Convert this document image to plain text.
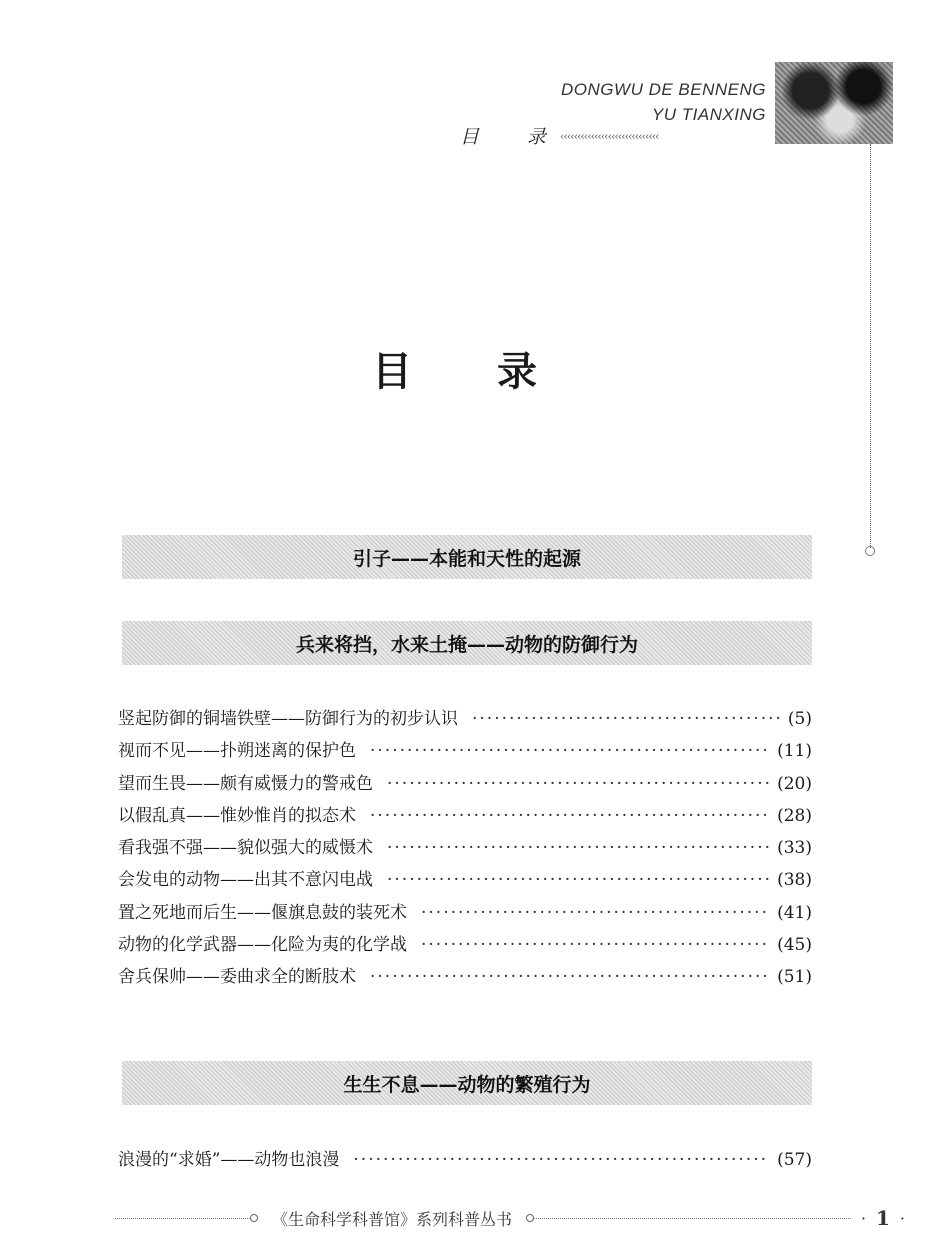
DONGWU DE BENNENG
YU TIANXING
目	录 ‹‹‹‹‹‹‹‹‹‹‹‹‹‹‹‹‹‹‹‹‹‹‹‹‹‹‹‹‹
目 录
引子——本能和天性的起源
兵来将挡，水来土掩——动物的防御行为
竖起防御的铜墙铁壁——防御行为的初步认识 ·····	(5)
视而不见——扑朔迷离的保护色 ·····	(11)
望而生畏——颇有威慑力的警戒色 ·····	(20)
以假乱真——惟妙惟肖的拟态术 ·····	(28)
看我强不强——貌似强大的威慑术 ·····	(33)
会发电的动物——出其不意闪电战 ·····	(38)
置之死地而后生——偃旗息鼓的装死术 ·····	(41)
动物的化学武器——化险为夷的化学战 ·····	(45)
舍兵保帅——委曲求全的断肢术 ·····	(51)
生生不息——动物的繁殖行为
浪漫的“求婚”——动物也浪漫 ·····	(57)
《生命科学科普馆》系列科普丛书	· 1 ·
